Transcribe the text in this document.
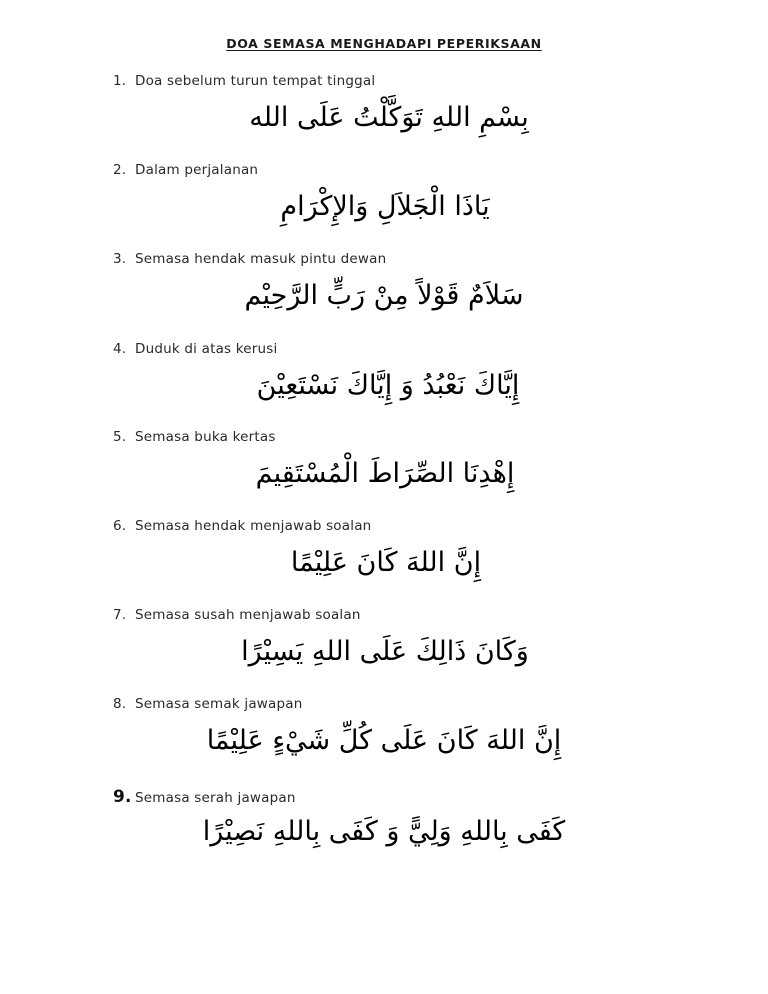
DOA SEMASA MENGHADAPI PEPERIKSAAN
1. Doa sebelum turun tempat tinggal
بِسْمِ اللهِ تَوَكَّلْتُ عَلَى الله
2. Dalam perjalanan
يَاذَا الْجَلاَلِ وَالإِكْرَامِ
3. Semasa hendak masuk pintu dewan
سَلاَمٌ قَوْلاً مِنْ رَبٍّ الرَّحِيْم
4. Duduk di atas kerusi
إِيَّاكَ نَعْبُدُ وَ إِيَّاكَ نَسْتَعِيْنَ
5. Semasa buka kertas
إِهْدِنَا الصِّرَاطَ الْمُسْتَقِيمَ
6. Semasa hendak menjawab soalan
إِنَّ اللهَ كَانَ عَلِيْمًا
7. Semasa susah menjawab soalan
وَكَانَ ذَالِكَ عَلَى اللهِ يَسِيْرًا
8. Semasa semak jawapan
إِنَّ اللهَ كَانَ عَلَى كُلِّ شَيْءٍ عَلِيْمًا
9. Semasa serah jawapan
كَفَى بِاللهِ وَلِيًّ وَ كَفَى بِاللهِ نَصِيْرًا
